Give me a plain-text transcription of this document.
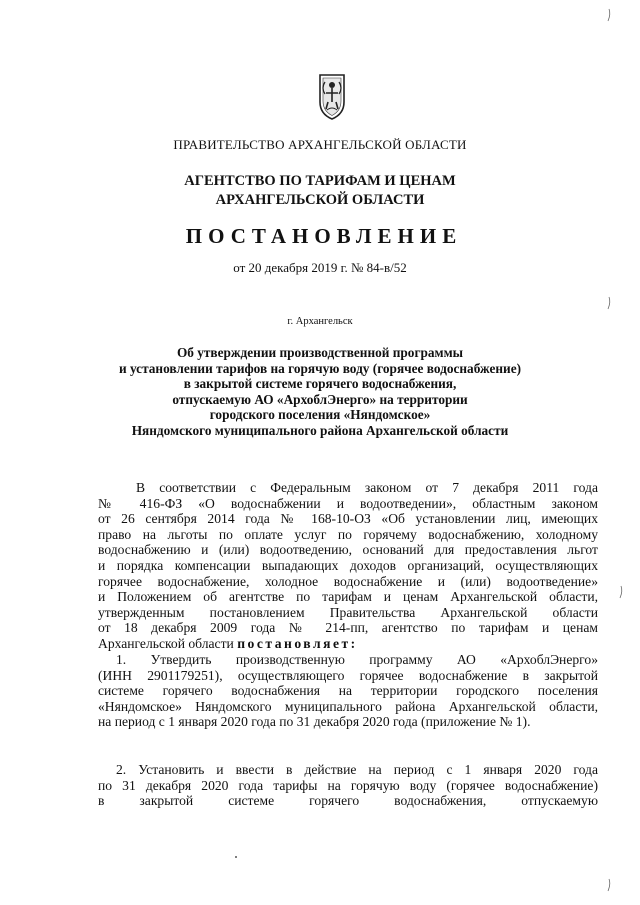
ПРАВИТЕЛЬСТВО АРХАНГЕЛЬСКОЙ ОБЛАСТИ
АГЕНТСТВО ПО ТАРИФАМ И ЦЕНАМ
АРХАНГЕЛЬСКОЙ ОБЛАСТИ
ПОСТАНОВЛЕНИЕ
от 20 декабря 2019 г. № 84-в/52
г. Архангельск
Об утверждении производственной программы
и установлении тарифов на горячую воду (горячее водоснабжение)
в закрытой системе горячего водоснабжения,
отпускаемую АО «АрхоблЭнерго» на территории
городского поселения «Няндомское»
Няндомского муниципального района Архангельской области
В соответствии с Федеральным законом от 7 декабря 2011 года
№ 416-ФЗ «О водоснабжении и водоотведении», областным законом
от 26 сентября 2014 года № 168-10-ОЗ «Об установлении лиц, имеющих
право на льготы по оплате услуг по горячему водоснабжению, холодному
водоснабжению и (или) водоотведению, оснований для предоставления льгот
и порядка компенсации выпадающих доходов организаций, осуществляющих
горячее водоснабжение, холодное водоснабжение и (или) водоотведение»
и Положением об агентстве по тарифам и ценам Архангельской области,
утвержденным постановлением Правительства Архангельской области
от 18 декабря 2009 года № 214-пп, агентство по тарифам и ценам
Архангельской области постановляет:
1. Утвердить производственную программу АО «АрхоблЭнерго»
(ИНН 2901179251), осуществляющего горячее водоснабжение в закрытой
системе горячего водоснабжения на территории городского поселения
«Няндомское» Няндомского муниципального района Архангельской области,
на период с 1 января 2020 года по 31 декабря 2020 года (приложение № 1).
2. Установить и ввести в действие на период с 1 января 2020 года
по 31 декабря 2020 года тарифы на горячую воду (горячее водоснабжение)
в закрытой системе горячего водоснабжения, отпускаемую
